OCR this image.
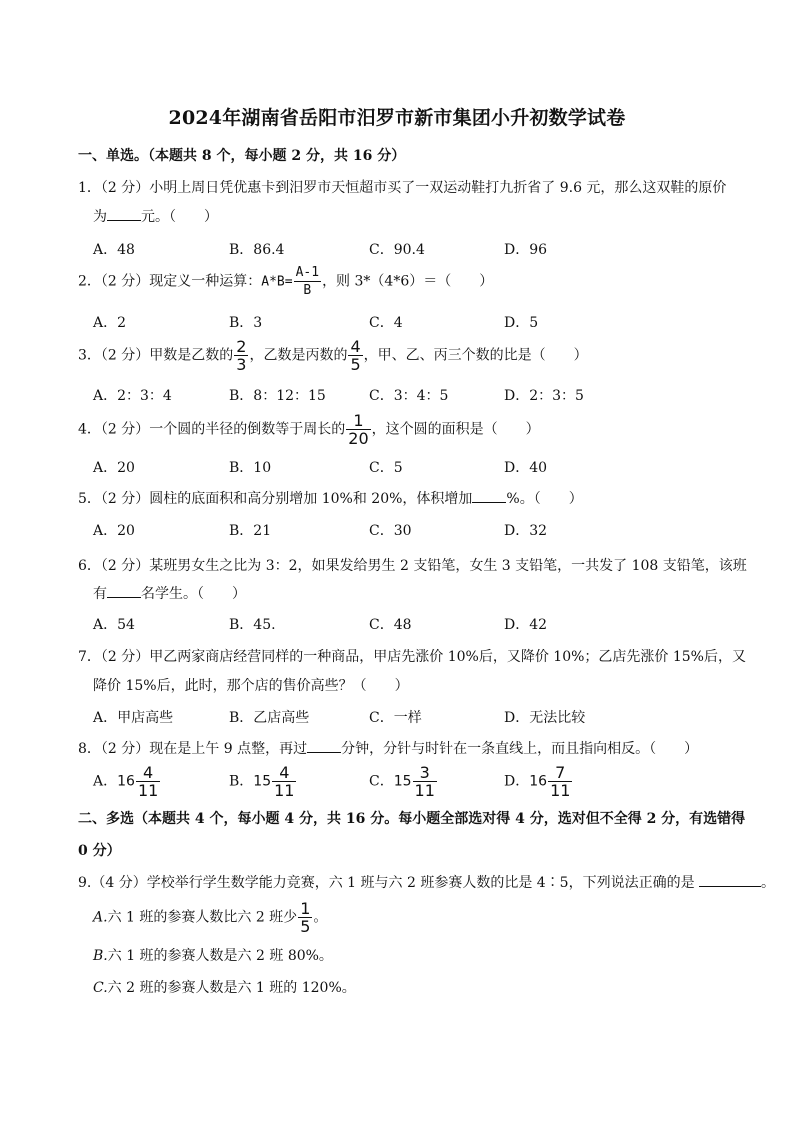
2024年湖南省岳阳市汨罗市新市集团小升初数学试卷
一、单选。（本题共 8 个，每小题 2 分，共 16 分）
1．（2 分）小明上周日凭优惠卡到汨罗市天恒超市买了一双运动鞋打九折省了 9.6 元，那么这双鞋的原价
为 元。（　　）
A．48	B．86.4	C．90.4	D．96
2．（2 分）现定义一种运算：$A*B= \frac{A-1}{B}$ ，则 3*（4*6）＝（　　）
A．2	B．3	C．4	D．5
3．（2 分）甲数是乙数的 $\frac{2}{3}$ ，乙数是丙数的 $\frac{4}{5}$ ，甲、乙、丙三个数的比是（　　）
A．2：3：4	B．8：12：15	C．3：4：5	D．2：3：5
4．（2 分）一个圆的半径的倒数等于周长的 $\frac{1}{20}$ ，这个圆的面积是（　　）
A．20	B．10	C．5	D．40
5．（2 分）圆柱的底面积和高分别增加 10%和 20%，体积增加 %。（　　）
A．20	B．21	C．30	D．32
6．（2 分）某班男女生之比为 3：2，如果发给男生 2 支铅笔，女生 3 支铅笔，一共发了 108 支铅笔，该班
有 名学生。（　　）
A．54	B．45.	C．48	D．42
7．（2 分）甲乙两家商店经营同样的一种商品，甲店先涨价 10%后，又降价 10%；乙店先涨价 15%后，又
降价 15%后，此时，那个店的售价高些？（　　）
A．甲店高些	B．乙店高些	C．一样	D．无法比较
8．（2 分）现在是上午 9 点整，再过 分钟，分针与时针在一条直线上，而且指向相反。（　　）
A．$16 \frac{4}{11}$	B．$15 \frac{4}{11}$	C．$15 \frac{3}{11}$	D．$16 \frac{7}{11}$
二、多选（本题共 4 个，每小题 4 分，共 16 分。每小题全部选对得 4 分，选对但不全得 2 分，有选错得
0 分）
9.（4 分）学校举行学生数学能力竞赛，六 1 班与六 2 班参赛人数的比是 4∶5，下列说法正确的是	。
A.六 1 班的参赛人数比六 2 班少 $\frac{1}{5}$ 。
B.六 1 班的参赛人数是六 2 班 80%。
C.六 2 班的参赛人数是六 1 班的 120%。
